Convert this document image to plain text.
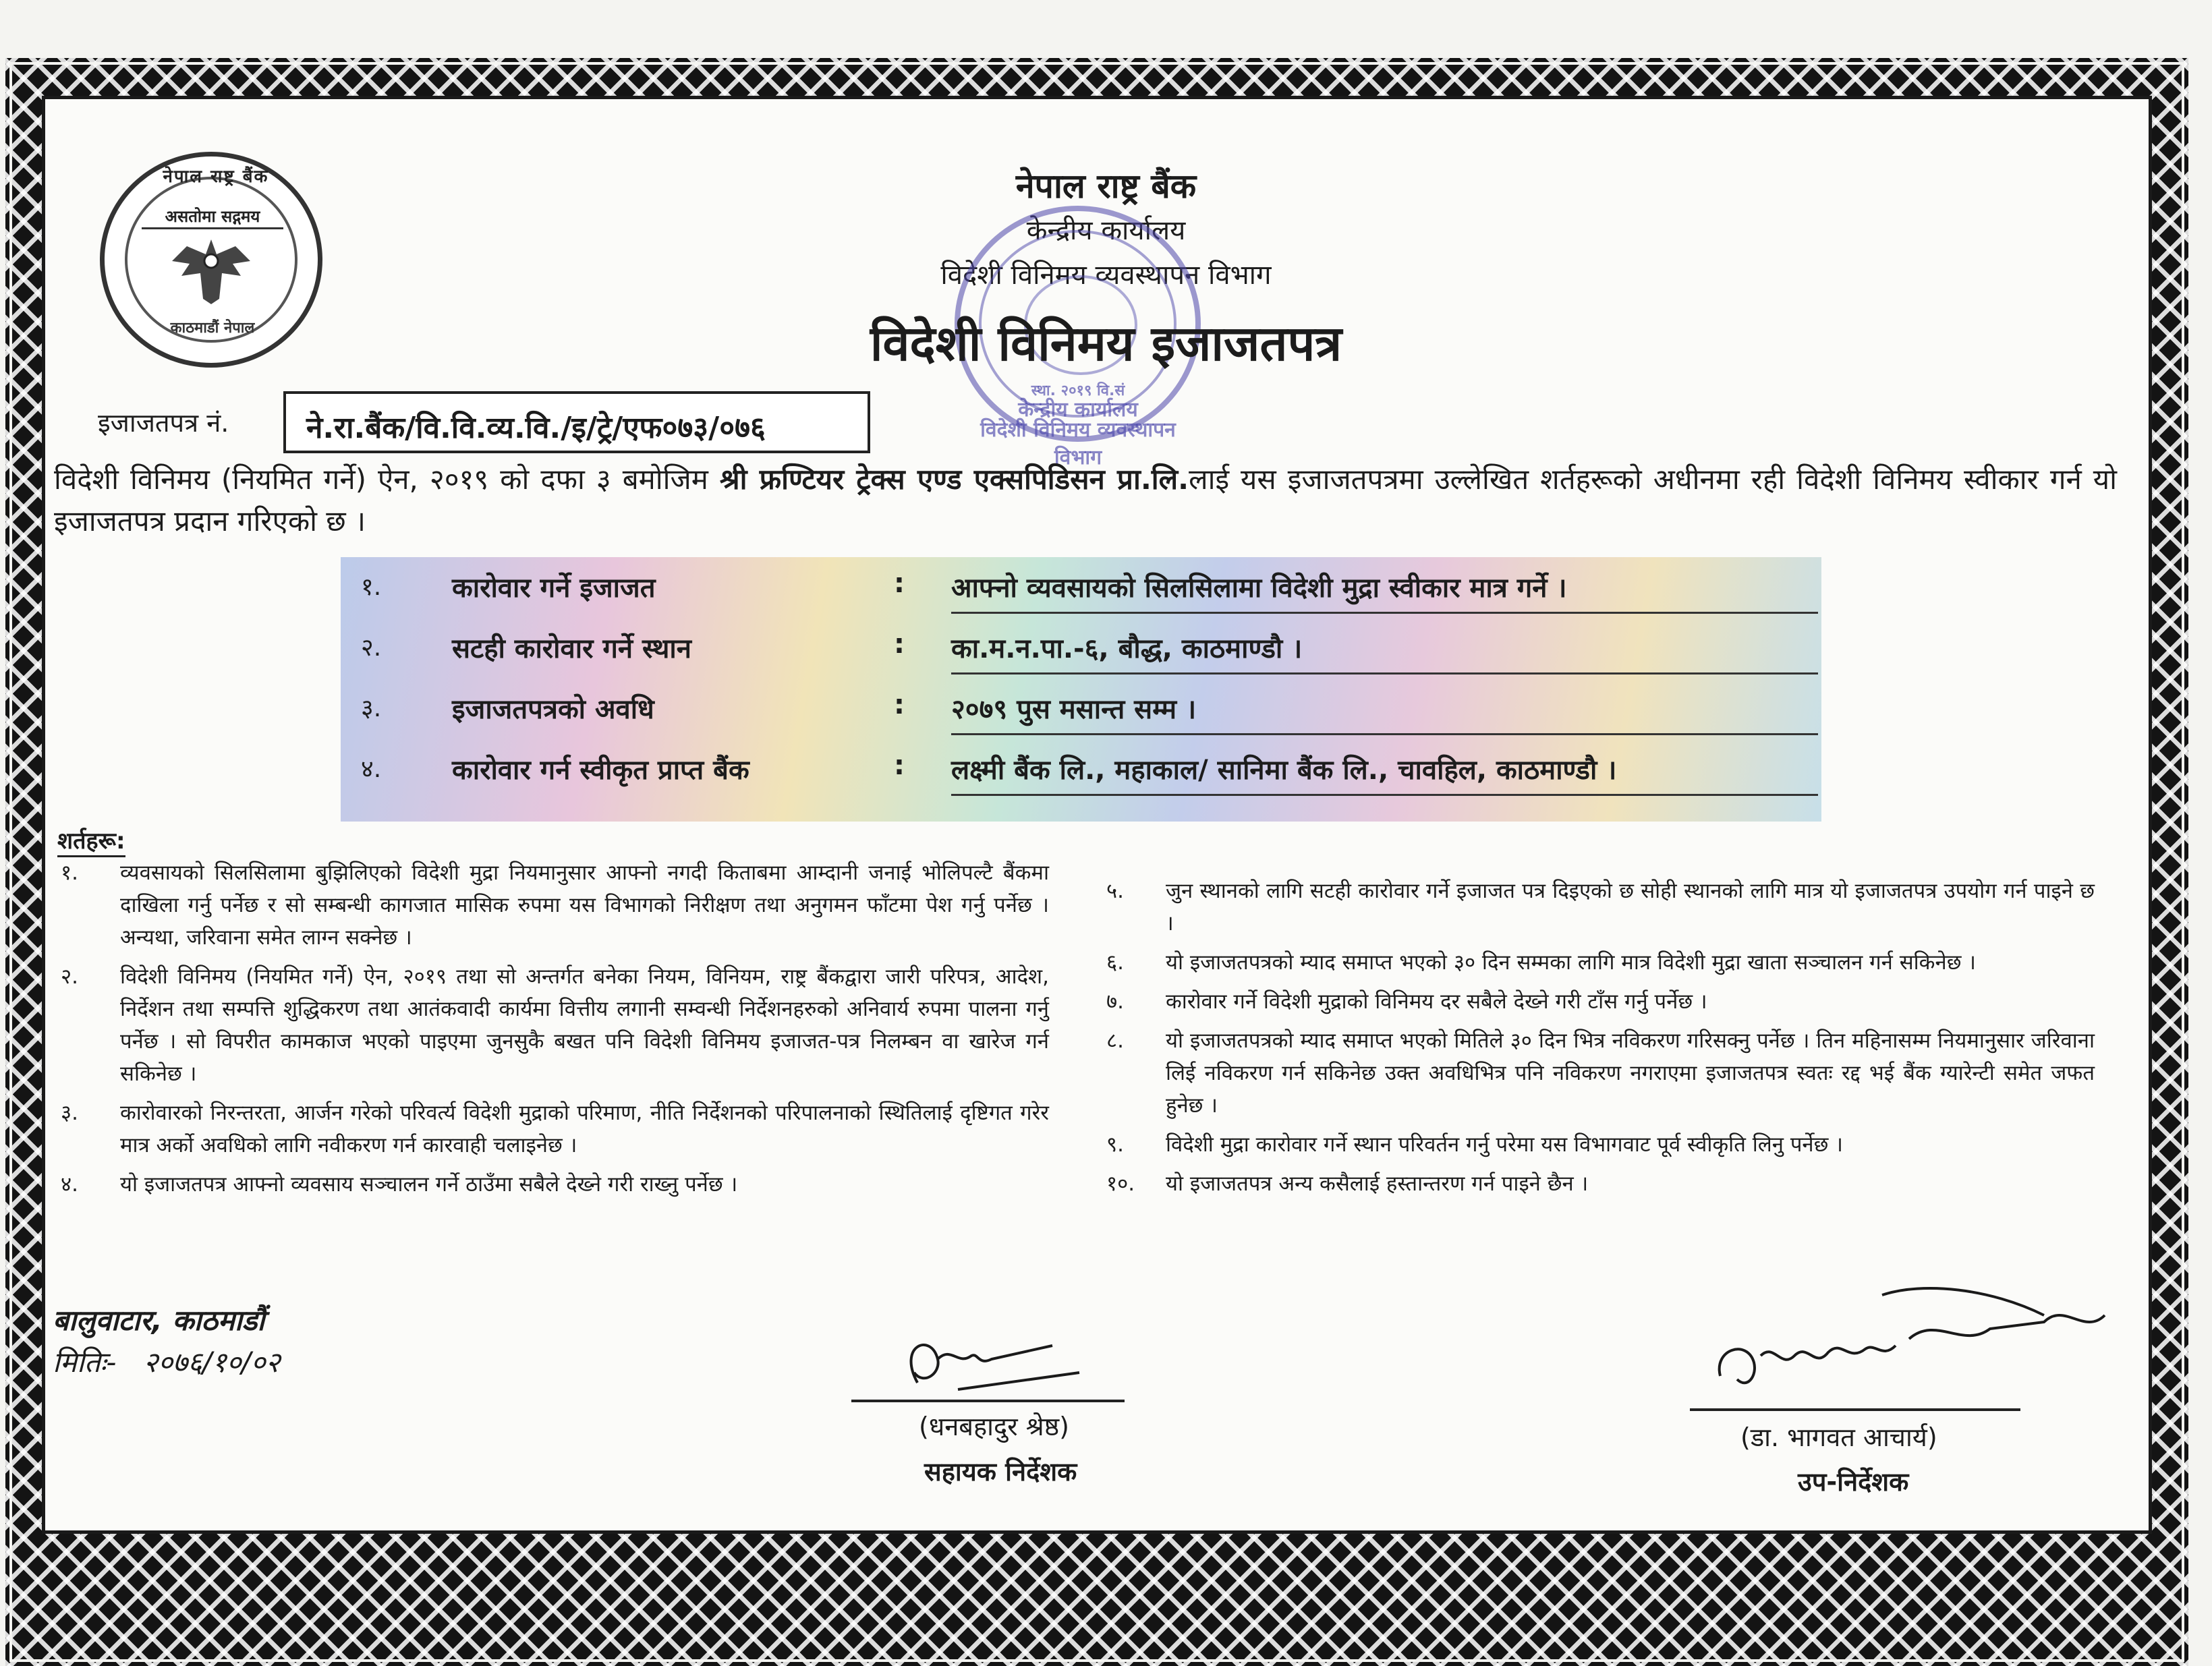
नेपाल राष्ट्र बैंक
असतोमा सद्गमय
काठमाडौं नेपाल
नेपाल राष्ट्र बैंक
केन्द्रीय कार्यालय
विदेशी विनिमय व्यवस्थापन विभाग
स्था. २०१९ वि.सं
केन्द्रीय कार्यालय
विदेशी विनिमय व्यवस्थापन विभाग
विदेशी विनिमय इजाजतपत्र
इजाजतपत्र नं.	ने.रा.बैंक/वि.वि.व्य.वि./इ/ट्रे/एफ०७३/०७६
विदेशी विनिमय (नियमित गर्ने) ऐन, २०१९ को दफा ३ बमोजिम श्री फ्रण्टियर ट्रेक्स एण्ड एक्सपिडिसन प्रा.लि.लाई यस इजाजतपत्रमा उल्लेखित शर्तहरूको अधीनमा रही विदेशी विनिमय स्वीकार गर्न यो इजाजतपत्र प्रदान गरिएको छ ।
१.	कारोवार गर्ने इजाजत	: आफ्नो व्यवसायको सिलसिलामा विदेशी मुद्रा स्वीकार मात्र गर्ने ।
२.	सटही कारोवार गर्ने स्थान	: का.म.न.पा.-६, बौद्ध, काठमाण्डौ ।
३.	इजाजतपत्रको अवधि	: २०७९ पुस मसान्त सम्म ।
४.	कारोवार गर्न स्वीकृत प्राप्त बैंक	: लक्ष्मी बैंक लि., महाकाल/ सानिमा बैंक लि., चावहिल, काठमाण्डौ ।
शर्तहरू:
१. व्यवसायको सिलसिलामा बुझिलिएको विदेशी मुद्रा नियमानुसार आफ्नो नगदी किताबमा आम्दानी जनाई भोलिपल्टै बैंकमा दाखिला गर्नु पर्नेछ र सो सम्बन्धी कागजात मासिक रुपमा यस विभागको निरीक्षण तथा अनुगमन फाँटमा पेश गर्नु पर्नेछ । अन्यथा, जरिवाना समेत लाग्न सक्नेछ ।
२. विदेशी विनिमय (नियमित गर्ने) ऐन, २०१९ तथा सो अन्तर्गत बनेका नियम, विनियम, राष्ट्र बैंकद्वारा जारी परिपत्र, आदेश, निर्देशन तथा सम्पत्ति शुद्धिकरण तथा आतंकवादी कार्यमा वित्तीय लगानी सम्वन्धी निर्देशनहरुको अनिवार्य रुपमा पालना गर्नु पर्नेछ । सो विपरीत कामकाज भएको पाइएमा जुनसुकै बखत पनि विदेशी विनिमय इजाजत-पत्र निलम्बन वा खारेज गर्न सकिनेछ ।
३. कारोवारको निरन्तरता, आर्जन गरेको परिवर्त्य विदेशी मुद्राको परिमाण, नीति निर्देशनको परिपालनाको स्थितिलाई दृष्टिगत गरेर मात्र अर्को अवधिको लागि नवीकरण गर्न कारवाही चलाइनेछ ।
४. यो इजाजतपत्र आफ्नो व्यवसाय सञ्चालन गर्ने ठाउँमा सबैले देख्ने गरी राख्नु पर्नेछ ।
५. जुन स्थानको लागि सटही कारोवार गर्ने इजाजत पत्र दिइएको छ सोही स्थानको लागि मात्र यो इजाजतपत्र उपयोग गर्न पाइने छ ।
६. यो इजाजतपत्रको म्याद समाप्त भएको ३० दिन सम्मका लागि मात्र विदेशी मुद्रा खाता सञ्चालन गर्न सकिनेछ ।
७. कारोवार गर्ने विदेशी मुद्राको विनिमय दर सबैले देख्ने गरी टाँस गर्नु पर्नेछ ।
८. यो इजाजतपत्रको म्याद समाप्त भएको मितिले ३० दिन भित्र नविकरण गरिसक्नु पर्नेछ । तिन महिनासम्म नियमानुसार जरिवाना लिई नविकरण गर्न सकिनेछ उक्त अवधिभित्र पनि नविकरण नगराएमा इजाजतपत्र स्वतः रद्द भई बैंक ग्यारेन्टी समेत जफत हुनेछ ।
९. विदेशी मुद्रा कारोवार गर्ने स्थान परिवर्तन गर्नु परेमा यस विभागवाट पूर्व स्वीकृति लिनु पर्नेछ ।
१०. यो इजाजतपत्र अन्य कसैलाई हस्तान्तरण गर्न पाइने छैन ।
बालुवाटार, काठमाडौं
मितिः- २०७६/१०/०२
(धनबहादुर श्रेष्ठ)
सहायक निर्देशक
(डा. भागवत आचार्य)
उप-निर्देशक
